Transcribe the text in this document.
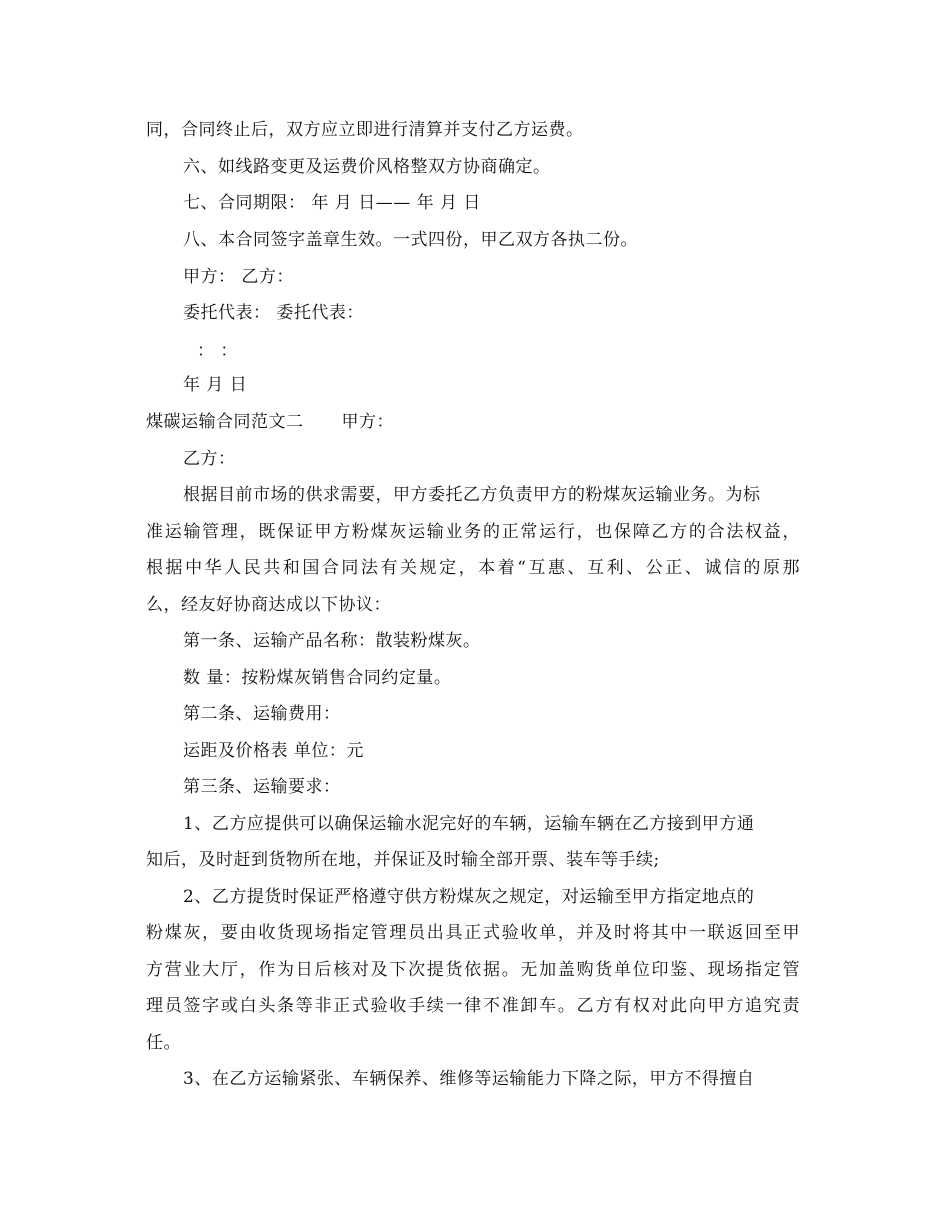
同，合同终止后，双方应立即进行清算并支付乙方运费。
六、如线路变更及运费价风格整双方协商确定。
七、合同期限： 年 月 日—— 年 月 日
八、本合同签字盖章生效。一式四份，甲乙双方各执二份。
甲方： 乙方：
委托代表： 委托代表：
： ：
年 月 日
煤碳运输合同范文二 甲方：
乙方：
根据目前市场的供求需要，甲方委托乙方负责甲方的粉煤灰运输业务。为标
准运输管理，既保证甲方粉煤灰运输业务的正常运行，也保障乙方的合法权益，
根据中华人民共和国合同法有关规定，本着“互惠、互利、公正、诚信的原那
么，经友好协商达成以下协议：
第一条、运输产品名称：散装粉煤灰。
数 量：按粉煤灰销售合同约定量。
第二条、运输费用：
运距及价格表 单位：元
第三条、运输要求：
1、乙方应提供可以确保运输水泥完好的车辆，运输车辆在乙方接到甲方通
知后，及时赶到货物所在地，并保证及时输全部开票、装车等手续;
2、乙方提货时保证严格遵守供方粉煤灰之规定，对运输至甲方指定地点的
粉煤灰，要由收货现场指定管理员出具正式验收单，并及时将其中一联返回至甲
方营业大厅，作为日后核对及下次提货依据。无加盖购货单位印鉴、现场指定管
理员签字或白头条等非正式验收手续一律不准卸车。乙方有权对此向甲方追究责
任。
3、在乙方运输紧张、车辆保养、维修等运输能力下降之际，甲方不得擅自
